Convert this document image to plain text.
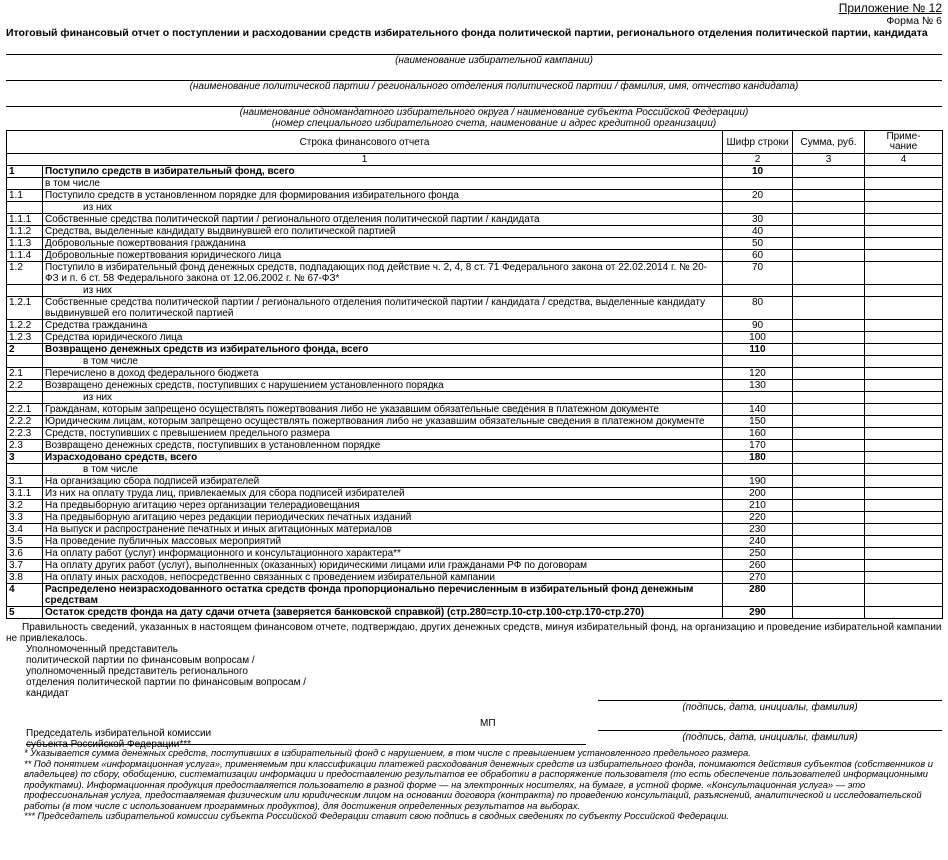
Приложение № 12
Форма № 6
Итоговый финансовый отчет о поступлении и расходовании средств избирательного фонда политической партии, регионального отделения политической партии, кандидата
(наименование избирательной кампании)
(наименование политической партии / регионального отделения политической партии / фамилия, имя, отчество кандидата)
(наименование одномандатного избирательного округа / наименование субъекта Российской Федерации)
(номер специального избирательного счета, наименование и адрес кредитной организации)
Строка финансового отчета		Шифр строки	Сумма, руб.	Приме-
чание
1		2	3	4
1	Поступило средств в избирательный фонд, всего	10		
	в том числе			
1.1	Поступило средств в установленном порядке для формирования избирательного фонда	20		
	из них			
1.1.1	Собственные средства политической партии / регионального отделения политической партии / кандидата	30		
1.1.2	Средства, выделенные кандидату выдвинувшей его политической партией	40		
1.1.3	Добровольные пожертвования гражданина	50		
1.1.4	Добровольные пожертвования юридического лица	60		
1.2	Поступило в избирательный фонд денежных средств, подпадающих под действие ч. 2, 4, 8 ст. 71 Федерального закона от 22.02.2014 г. № 20-ФЗ и п. 6 ст. 58 Федерального закона от 12.06.2002 г. № 67-ФЗ*	70		
	из них			
1.2.1	Собственные средства политической партии / регионального отделения политической партии / кандидата / средства, выделенные кандидату выдвинувшей его политической партией	80		
1.2.2	Средства гражданина	90		
1.2.3	Средства юридического лица	100		
2	Возвращено денежных средств из избирательного фонда, всего	110		
	в том числе			
2.1	Перечислено в доход федерального бюджета	120		
2.2	Возвращено денежных средств, поступивших с нарушением установленного порядка	130		
	из них			
2.2.1	Гражданам, которым запрещено осуществлять пожертвования либо не указавшим обязательные сведения в платежном документе	140		
2.2.2	Юридическим лицам, которым запрещено осуществлять пожертвования либо не указавшим обязательные сведения в платежном документе	150		
2.2.3	Средств, поступивших с превышением предельного размера	160		
2.3	Возвращено денежных средств, поступивших в установленном порядке	170		
3	Израсходовано средств, всего	180		
	в том числе			
3.1	На организацию сбора подписей избирателей	190		
3.1.1	Из них на оплату труда лиц, привлекаемых для сбора подписей избирателей	200		
3.2	На предвыборную агитацию через организации телерадиовещания	210		
3.3	На предвыборную агитацию через редакции периодических печатных изданий	220		
3.4	На выпуск и распространение печатных и иных агитационных материалов	230		
3.5	На проведение публичных массовых мероприятий	240		
3.6	На оплату работ (услуг) информационного и консультационного характера**	250		
3.7	На оплату других работ (услуг), выполненных (оказанных) юридическими лицами или гражданами РФ по договорам	260		
3.8	На оплату иных расходов, непосредственно связанных с проведением избирательной кампании	270		
4	Распределено неизрасходованного остатка средств фонда пропорционально перечисленным в избирательный фонд денежным средствам	280		
5	Остаток средств фонда на дату сдачи отчета (заверяется банковской справкой) (стр.280=стр.10-стр.100-стр.170-стр.270)	290		
Правильность сведений, указанных в настоящем финансовом отчете, подтверждаю, других денежных средств, минуя избирательный фонд, на организацию и проведение избирательной кампании не привлекалось.
Уполномоченный представитель
политической партии по финансовым вопросам /
уполномоченный представитель регионального
отделения политической партии по финансовым вопросам /
кандидат
МП
(подпись, дата, инициалы, фамилия)
Председатель избирательной комиссии
субъекта Российской Федерации***
(подпись, дата, инициалы, фамилия)

* Указывается сумма денежных средств, поступивших в избирательный фонд с нарушением, в том числе с превышением установленного предельного размера.

** Под понятием «информационная услуга», применяемым при классификации платежей расходования денежных средств из избирательного фонда, понимаются действия субъектов (собственников и владельцев) по сбору, обобщению, систематизации информации и предоставлению результатов ее обработки в распоряжение пользователя (то есть обеспечение пользователей информационными продуктами). Информационная продукция предоставляется пользователю в разной форме — на электронных носителях, на бумаге, в устной форме. «Консультационная услуга» — это профессиональная услуга, предоставляемая физическим или юридическим лицом на основании договора (контракта) по проведению консультаций, разъяснений, аналитической и исследовательской работы (в том числе с использованием программных продуктов), для достижения определенных результатов на выборах.

*** Председатель избирательной комиссии субъекта Российской Федерации ставит свою подпись в сводных сведениях по субъекту Российской Федерации.
